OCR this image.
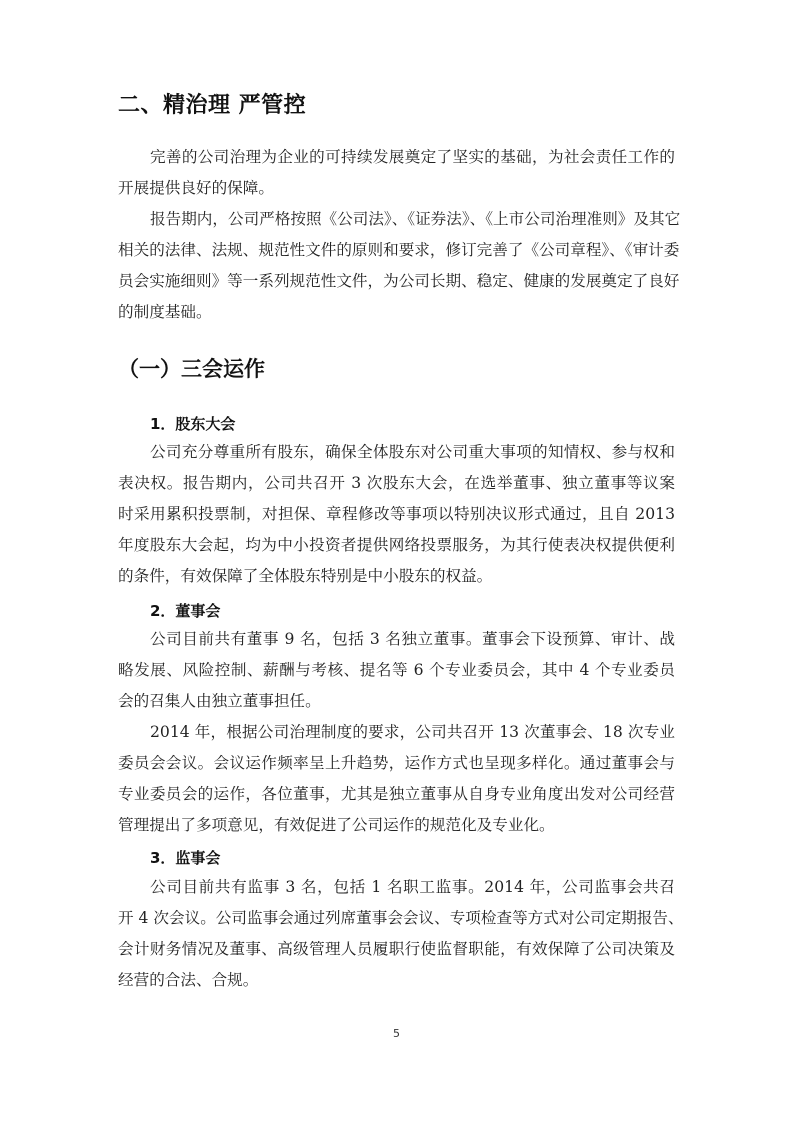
二、精治理 严管控
完善的公司治理为企业的可持续发展奠定了坚实的基础，为社会责任工作的
开展提供良好的保障。
报告期内，公司严格按照《公司法》、《证券法》、《上市公司治理准则》及其它
相关的法律、法规、规范性文件的原则和要求，修订完善了《公司章程》、《审计委
员会实施细则》等一系列规范性文件，为公司长期、稳定、健康的发展奠定了良好
的制度基础。
（一）三会运作
1．股东大会
公司充分尊重所有股东，确保全体股东对公司重大事项的知情权、参与权和
表决权。报告期内，公司共召开 3 次股东大会，在选举董事、独立董事等议案
时采用累积投票制，对担保、章程修改等事项以特别决议形式通过，且自 2013
年度股东大会起，均为中小投资者提供网络投票服务，为其行使表决权提供便利
的条件，有效保障了全体股东特别是中小股东的权益。
2．董事会
公司目前共有董事 9 名，包括 3 名独立董事。董事会下设预算、审计、战
略发展、风险控制、薪酬与考核、提名等 6 个专业委员会，其中 4 个专业委员
会的召集人由独立董事担任。
2014 年，根据公司治理制度的要求，公司共召开 13 次董事会、18 次专业
委员会会议。会议运作频率呈上升趋势，运作方式也呈现多样化。通过董事会与
专业委员会的运作，各位董事，尤其是独立董事从自身专业角度出发对公司经营
管理提出了多项意见，有效促进了公司运作的规范化及专业化。
3．监事会
公司目前共有监事 3 名，包括 1 名职工监事。2014 年，公司监事会共召
开 4 次会议。公司监事会通过列席董事会会议、专项检查等方式对公司定期报告、
会计财务情况及董事、高级管理人员履职行使监督职能，有效保障了公司决策及
经营的合法、合规。
5
